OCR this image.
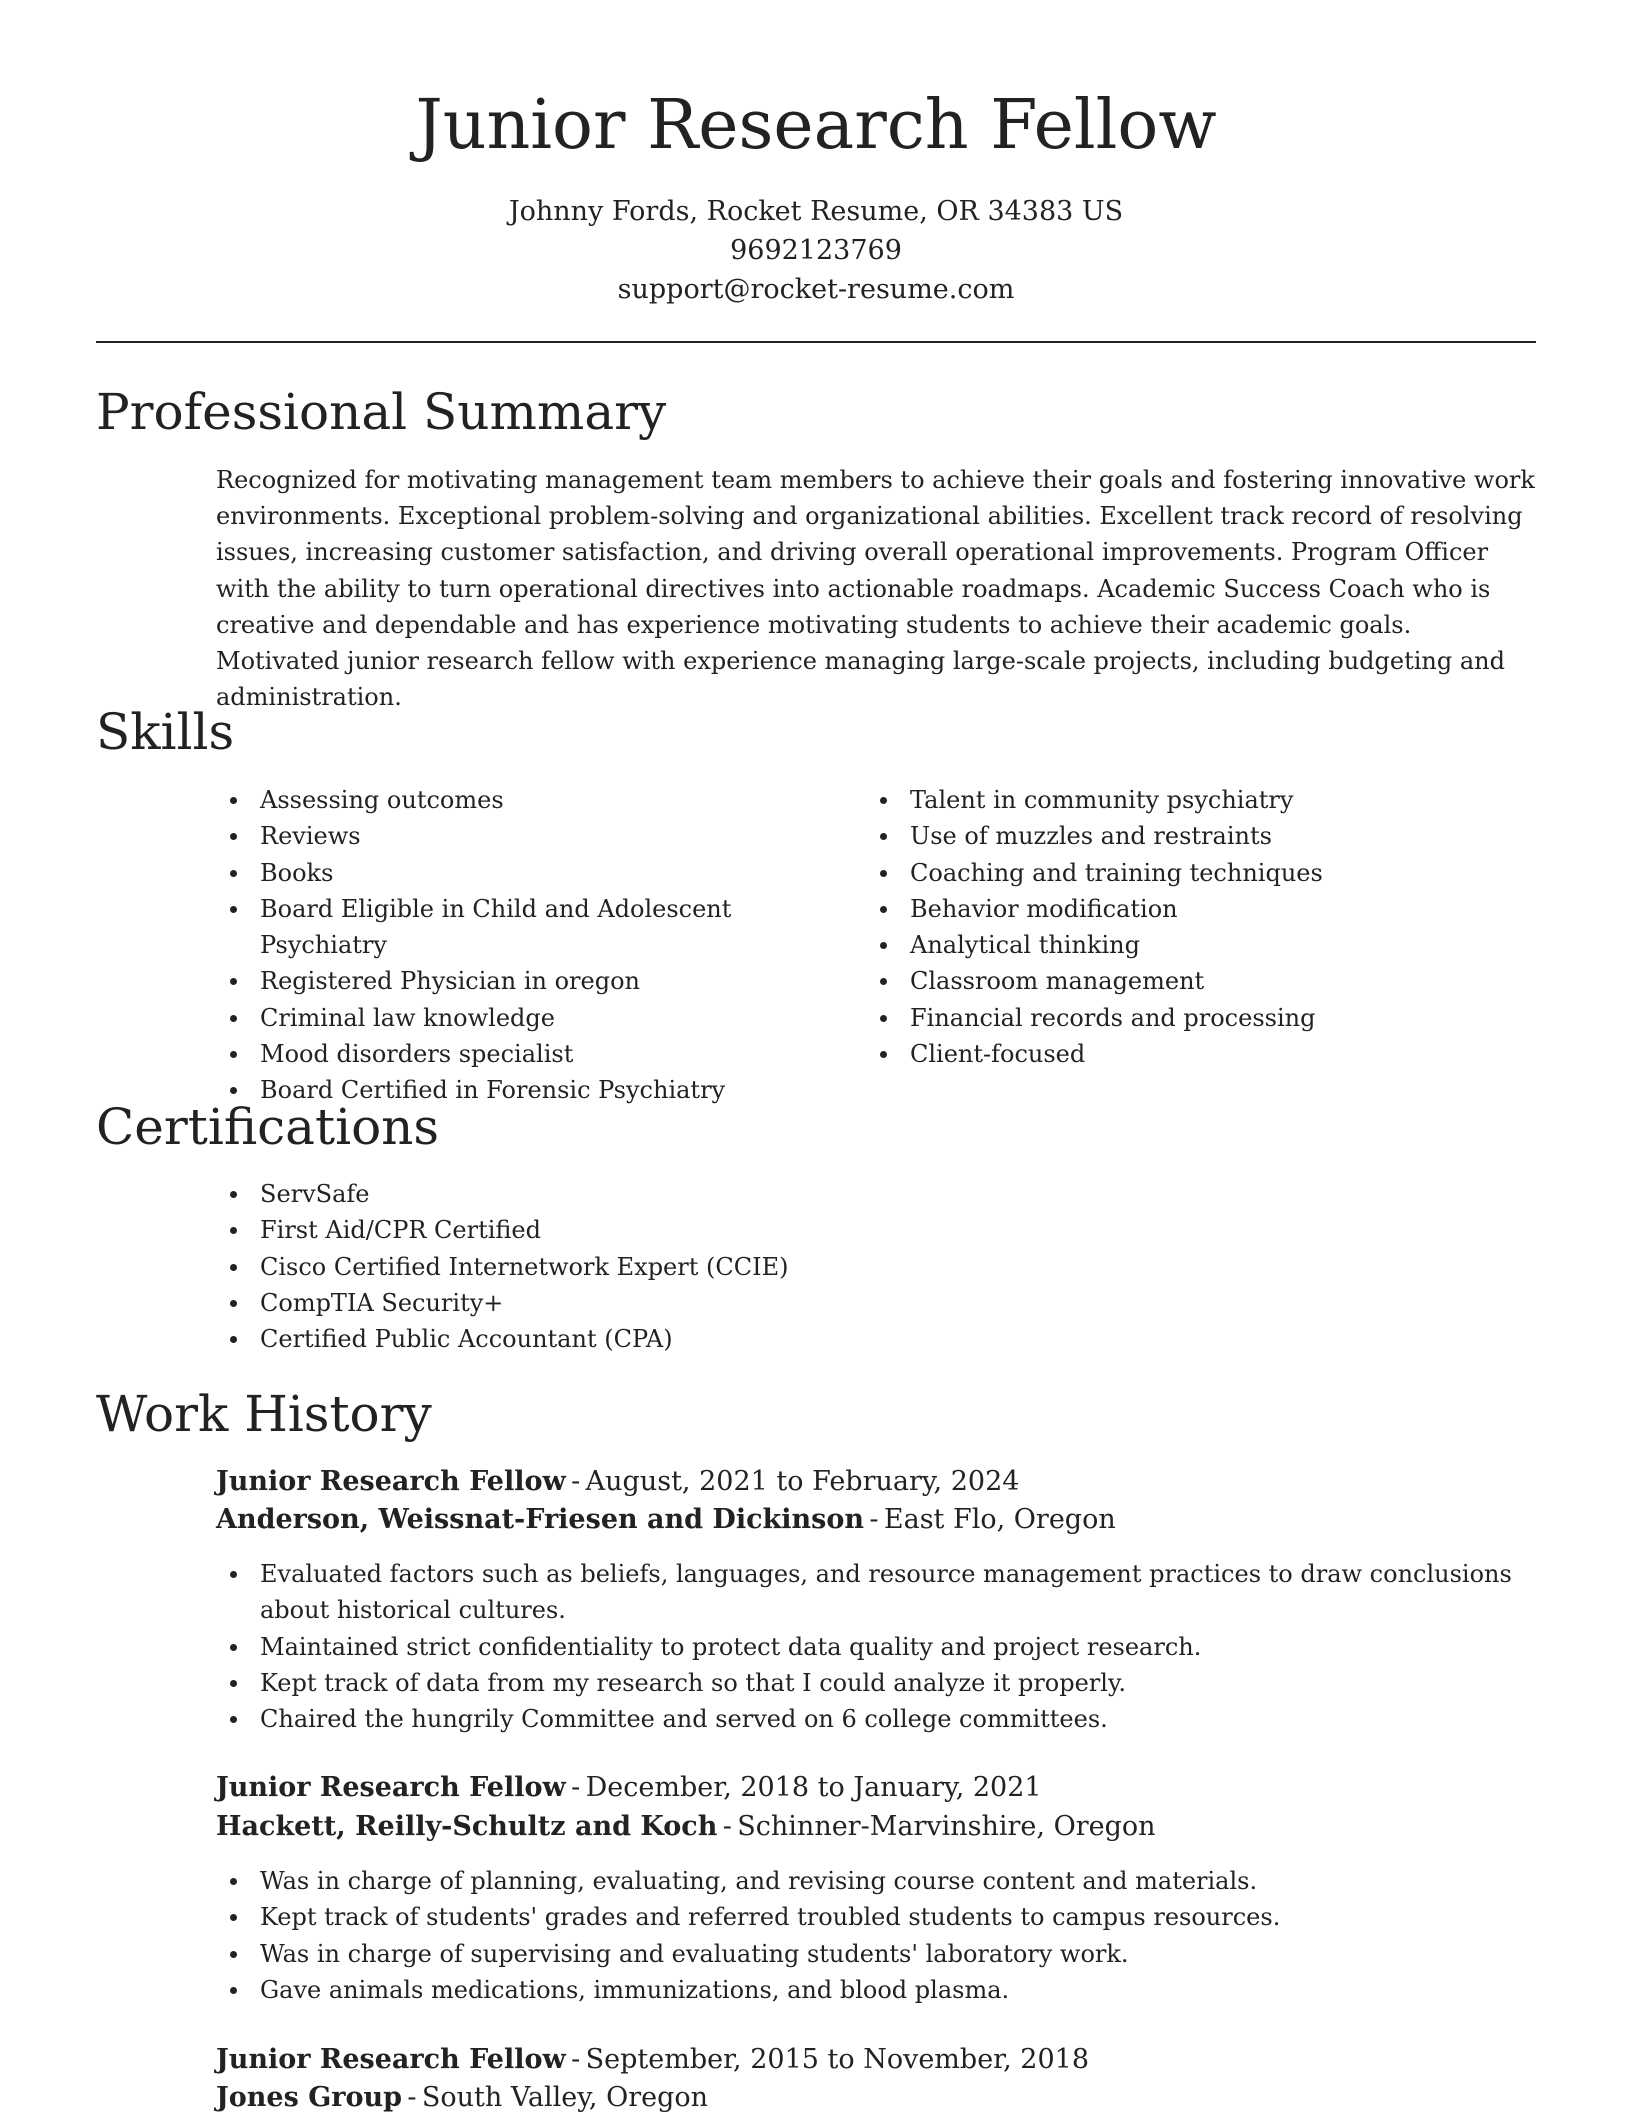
Junior Research Fellow
Johnny Fords, Rocket Resume, OR 34383 US
9692123769
support@rocket-resume.com
Professional Summary

Recognized for motivating management team members to achieve their goals and fostering innovative work environments. Exceptional problem-solving and organizational abilities. Excellent track record of resolving issues, increasing customer satisfaction, and driving overall operational improvements. Program Officer with the ability to turn operational directives into actionable roadmaps. Academic Success Coach who is creative and dependable and has experience motivating students to achieve their academic goals. Motivated junior research fellow with experience managing large-scale projects, including budgeting and administration.

Skills
Assessing outcomes
Reviews
Books
Board Eligible in Child and Adolescent Psychiatry
Registered Physician in oregon
Criminal law knowledge
Mood disorders specialist
Board Certified in Forensic Psychiatry
Talent in community psychiatry
Use of muzzles and restraints
Coaching and training techniques
Behavior modification
Analytical thinking
Classroom management
Financial records and processing
Client-focused
Certifications
ServSafe
First Aid/CPR Certified
Cisco Certified Internetwork Expert (CCIE)
CompTIA Security+
Certified Public Accountant (CPA)
Work History
Junior Research Fellow - August, 2021 to February, 2024
Anderson, Weissnat-Friesen and Dickinson - East Flo, Oregon
Evaluated factors such as beliefs, languages, and resource management practices to draw conclusions about historical cultures.
Maintained strict confidentiality to protect data quality and project research.
Kept track of data from my research so that I could analyze it properly.
Chaired the hungrily Committee and served on 6 college committees.
Junior Research Fellow - December, 2018 to January, 2021
Hackett, Reilly-Schultz and Koch - Schinner-Marvinshire, Oregon
Was in charge of planning, evaluating, and revising course content and materials.
Kept track of students' grades and referred troubled students to campus resources.
Was in charge of supervising and evaluating students' laboratory work.
Gave animals medications, immunizations, and blood plasma.
Junior Research Fellow - September, 2015 to November, 2018
Jones Group - South Valley, Oregon
